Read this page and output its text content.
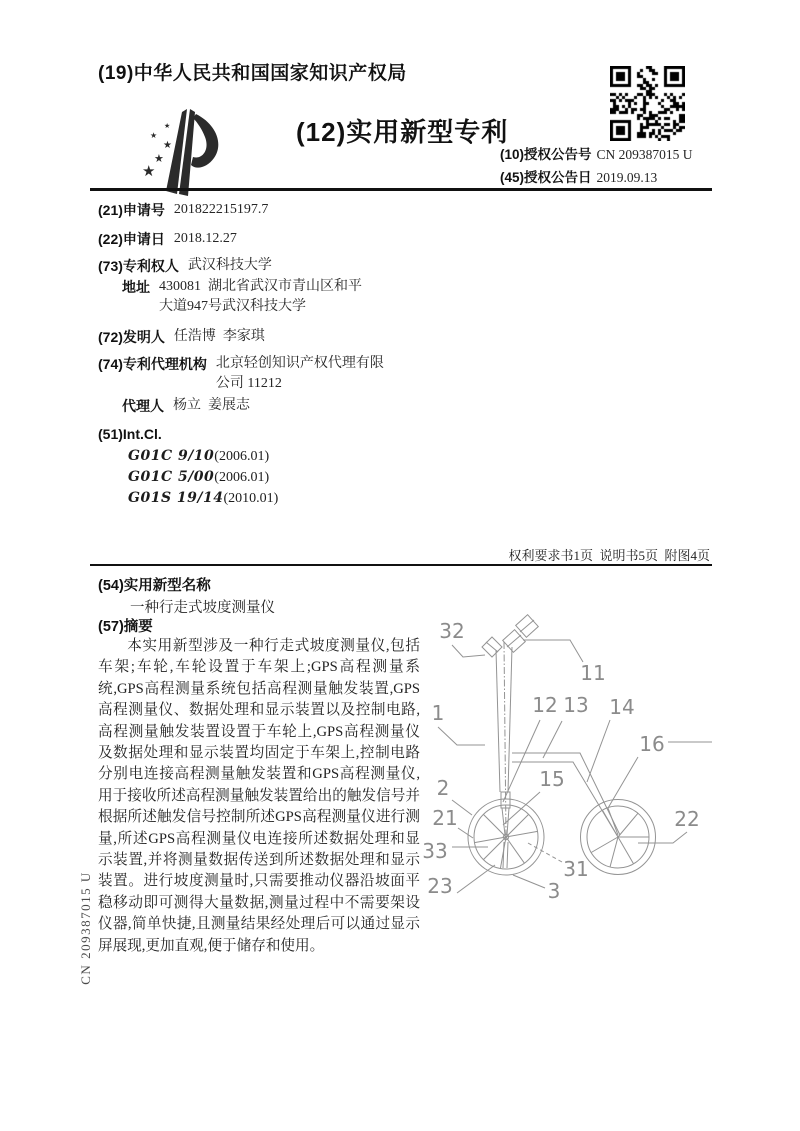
(19)中华人民共和国国家知识产权局
★
★
★
★
★	(12)实用新型专利
(10)授权公告号 CN 209387015 U
(45)授权公告日 2019.09.13
(21)申请号 201822215197.7
(22)申请日 2018.12.27
(73)专利权人 武汉科技大学
地址 430081  湖北省武汉市青山区和平大道947号武汉科技大学
(72)发明人 任浩博  李家琪
(74)专利代理机构 北京轻创知识产权代理有限公司 11212
代理人 杨立  姜展志
(51)Int.Cl.
G01C 9/10(2006.01)
G01C 5/00(2006.01)
G01S 19/14(2010.01)
权利要求书1页  说明书5页  附图4页
(54)实用新型名称
一种行走式坡度测量仪
(57)摘要
本实用新型涉及一种行走式坡度测量仪,包括车架;车轮,车轮设置于车架上;GPS高程测量系统,GPS高程测量系统包括高程测量触发装置,GPS高程测量仪、数据处理和显示装置以及控制电路,高程测量触发装置设置于车轮上,GPS高程测量仪及数据处理和显示装置均固定于车架上,控制电路分别电连接高程测量触发装置和GPS高程测量仪,用于接收所述高程测量触发装置给出的触发信号并根据所述触发信号控制所述GPS高程测量仪进行测量,所述GPS高程测量仪电连接所述数据处理和显示装置,并将测量数据传送到所述数据处理和显示装置。进行坡度测量时,只需要推动仪器沿坡面平稳移动即可测得大量数据,测量过程中不需要架设仪器,简单快捷,且测量结果经处理后可以通过显示屏展现,更加直观,便于储存和使用。
32
11
1	12 13 14
16
2
21
33
23
15
31
3
22
CN 209387015 U
